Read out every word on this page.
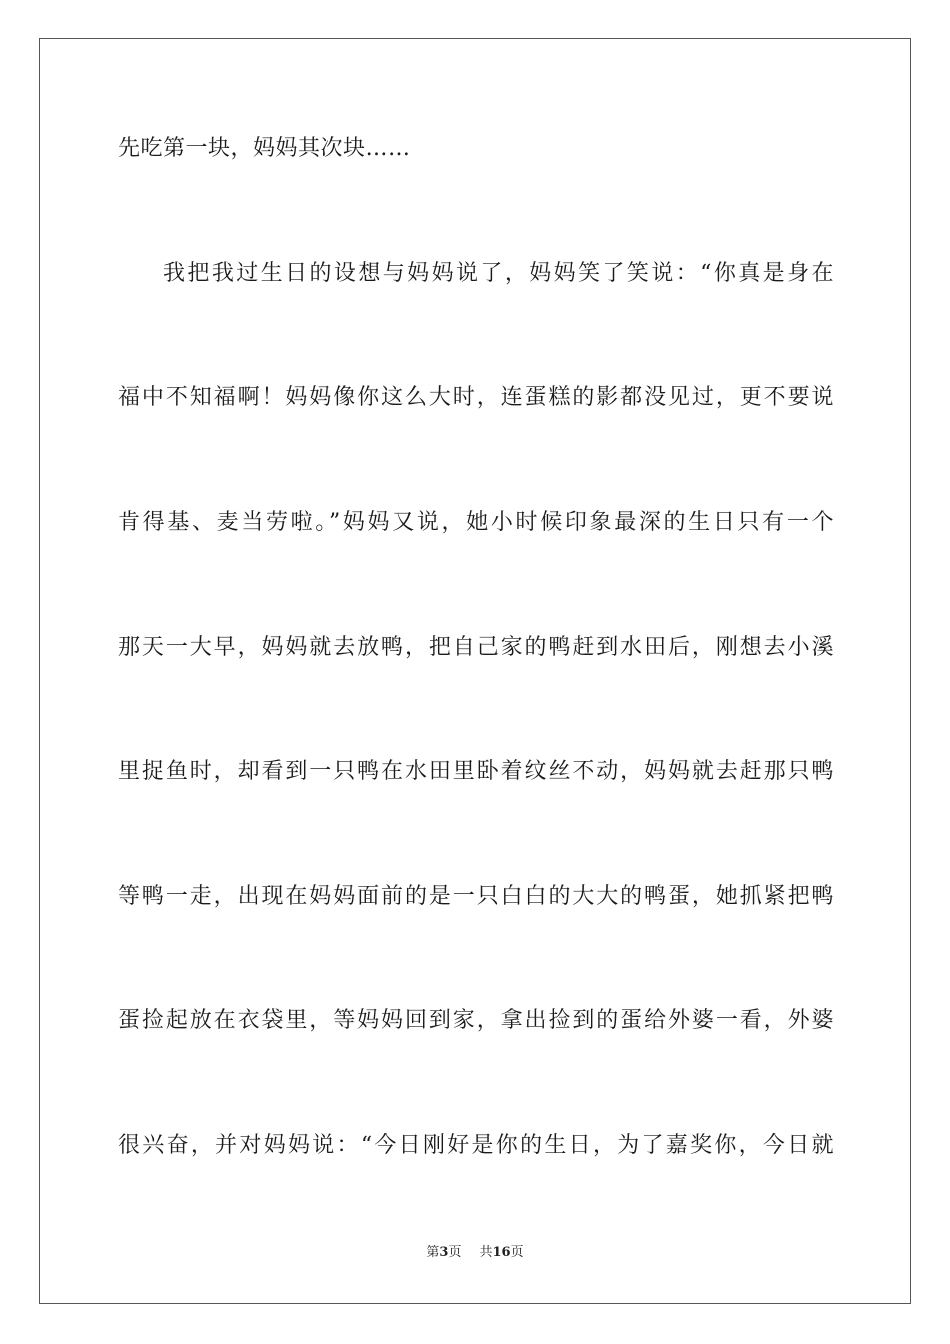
先吃第一块，妈妈其次块……
我把我过生日的设想与妈妈说了，妈妈笑了笑说：“你真是身在
福中不知福啊！妈妈像你这么大时，连蛋糕的影都没见过，更不要说
肯得基、麦当劳啦。”妈妈又说，她小时候印象最深的生日只有一个
那天一大早，妈妈就去放鸭，把自己家的鸭赶到水田后，刚想去小溪
里捉鱼时，却看到一只鸭在水田里卧着纹丝不动，妈妈就去赶那只鸭
等鸭一走，出现在妈妈面前的是一只白白的大大的鸭蛋，她抓紧把鸭
蛋捡起放在衣袋里，等妈妈回到家，拿出捡到的蛋给外婆一看，外婆
很兴奋，并对妈妈说：“今日刚好是你的生日，为了嘉奖你，今日就
第3页 共16页
